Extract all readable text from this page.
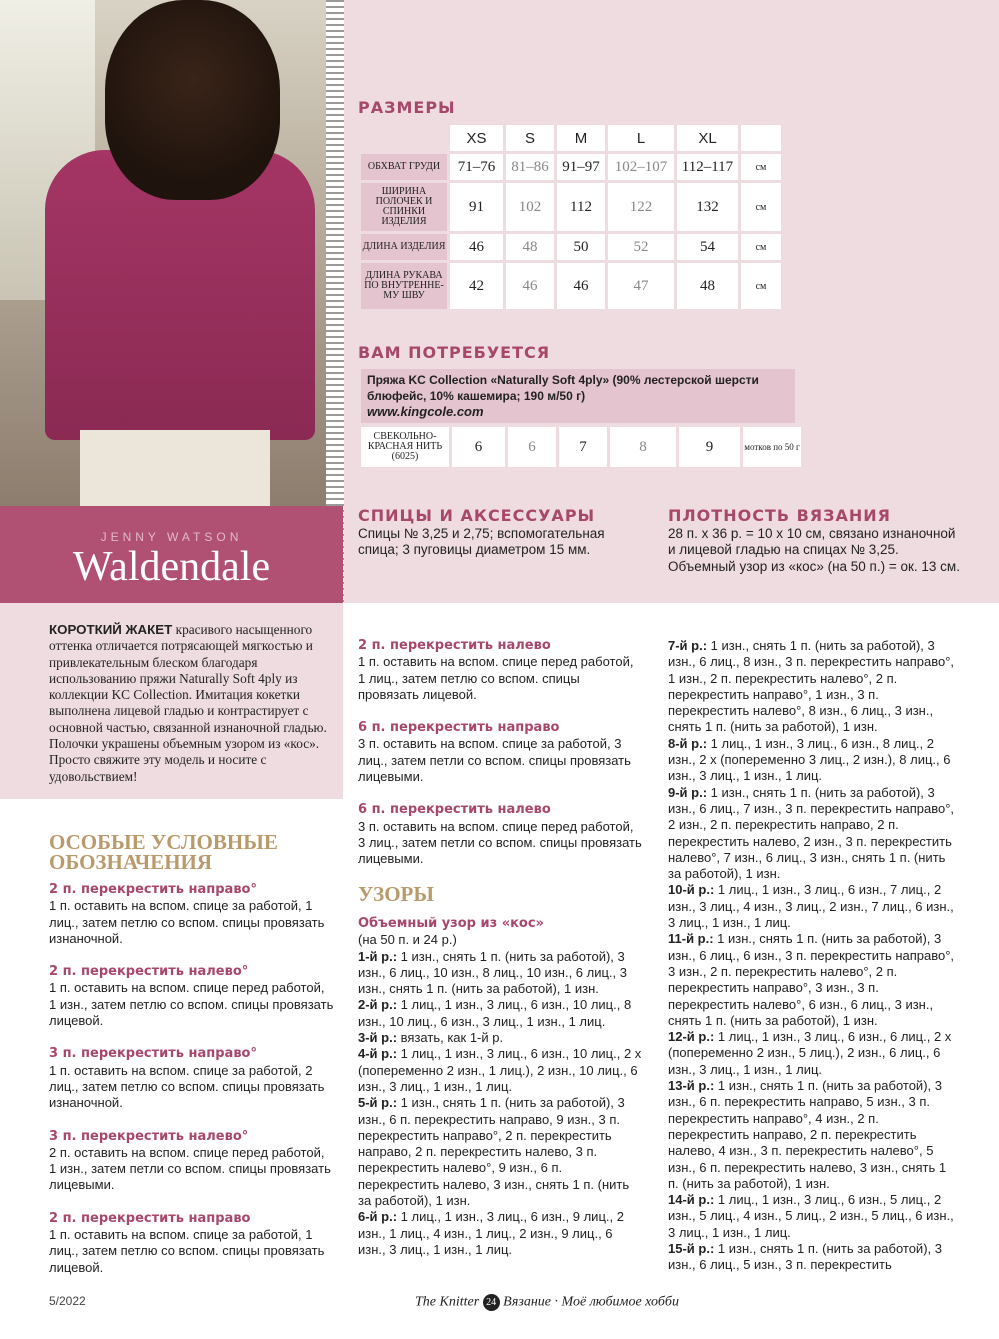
JENNY WATSON
Waldendale
КОРОТКИЙ ЖАКЕТ красивого насыщенного оттенка отличается потрясающей мягкостью и привлекательным блеском благодаря использованию пряжи Naturally Soft 4ply из коллекции KC Collection. Имитация кокетки выполнена лицевой гладью и контрастирует с основной частью, связанной изнаночной гладью. Полочки украшены объемным узором из «кос». Просто свяжите эту модель и носите с удовольствием!
РАЗМЕРЫ
	XS	S	M	L	XL	
ОБХВАТ ГРУДИ	71–76	81–86	91–97	102–107	112–117	см
ШИРИНА ПОЛОЧЕК И СПИНКИ ИЗДЕЛИЯ	91	102	112	122	132	см
ДЛИНА ИЗДЕЛИЯ	46	48	50	52	54	см
ДЛИНА РУКАВА ПО ВНУТРЕННЕ-МУ ШВУ	42	46	46	47	48	см
ВАМ ПОТРЕБУЕТСЯ
Пряжа KC Collection «Naturally Soft 4ply» (90% лестерской шерсти блюфейс, 10% кашемира; 190 м/50 г)
www.kingcole.com
СВЕКОЛЬНО-КРАСНАЯ НИТЬ (6025)	6	6	7	8	9	мотков по 50 г
СПИЦЫ И АКСЕССУАРЫ
Спицы № 3,25 и 2,75; вспомогательная спица; 3 пуговицы диаметром 15 мм.
ПЛОТНОСТЬ ВЯЗАНИЯ
28 п. х 36 р. = 10 х 10 см, связано изнаночной и лицевой гладью на спицах № 3,25. Объемный узор из «кос» (на 50 п.) = ок. 13 см.
ОСОБЫЕ УСЛОВНЫЕ ОБОЗНАЧЕНИЯ

2 п. перекрестить направо°

1 п. оставить на вспом. спице за работой, 1 лиц., затем петлю со вспом. спицы провязать изнаночной.

2 п. перекрестить налево°

1 п. оставить на вспом. спице перед работой, 1 изн., затем петлю со вспом. спицы провязать лицевой.

3 п. перекрестить направо°

1 п. оставить на вспом. спице за работой, 2 лиц., затем петлю со вспом. спицы провязать изнаночной.

3 п. перекрестить налево°

2 п. оставить на вспом. спице перед работой, 1 изн., затем петли со вспом. спицы провязать лицевыми.

2 п. перекрестить направо

1 п. оставить на вспом. спице за работой, 1 лиц., затем петлю со вспом. спицы провязать лицевой.

2 п. перекрестить налево

1 п. оставить на вспом. спице перед работой, 1 лиц., затем петлю со вспом. спицы провязать лицевой.

6 п. перекрестить направо

3 п. оставить на вспом. спице за работой, 3 лиц., затем петли со вспом. спицы провязать лицевыми.

6 п. перекрестить налево

3 п. оставить на вспом. спице перед работой, 3 лиц., затем петли со вспом. спицы провязать лицевыми.

УЗОРЫ

Объемный узор из «кос»

(на 50 п. и 24 р.)

1-й р.: 1 изн., снять 1 п. (нить за работой), 3 изн., 6 лиц., 10 изн., 8 лиц., 10 изн., 6 лиц., 3 изн., снять 1 п. (нить за работой), 1 изн.

2-й р.: 1 лиц., 1 изн., 3 лиц., 6 изн., 10 лиц., 8 изн., 10 лиц., 6 изн., 3 лиц., 1 изн., 1 лиц.

3-й р.: вязать, как 1-й р.

4-й р.: 1 лиц., 1 изн., 3 лиц., 6 изн., 10 лиц., 2 х (попеременно 2 изн., 1 лиц.), 2 изн., 10 лиц., 6 изн., 3 лиц., 1 изн., 1 лиц.

5-й р.: 1 изн., снять 1 п. (нить за работой), 3 изн., 6 п. перекрестить направо, 9 изн., 3 п. перекрестить направо°, 2 п. перекрестить направо, 2 п. перекрестить налево, 3 п. перекрестить налево°, 9 изн., 6 п. перекрестить налево, 3 изн., снять 1 п. (нить за работой), 1 изн.

6-й р.: 1 лиц., 1 изн., 3 лиц., 6 изн., 9 лиц., 2 изн., 1 лиц., 4 изн., 1 лиц., 2 изн., 9 лиц., 6 изн., 3 лиц., 1 изн., 1 лиц.

7-й р.: 1 изн., снять 1 п. (нить за работой), 3 изн., 6 лиц., 8 изн., 3 п. перекрестить направо°, 1 изн., 2 п. перекрестить налево°, 2 п. перекрестить направо°, 1 изн., 3 п. перекрестить налево°, 8 изн., 6 лиц., 3 изн., снять 1 п. (нить за работой), 1 изн.

8-й р.: 1 лиц., 1 изн., 3 лиц., 6 изн., 8 лиц., 2 изн., 2 х (попеременно 3 лиц., 2 изн.), 8 лиц., 6 изн., 3 лиц., 1 изн., 1 лиц.

9-й р.: 1 изн., снять 1 п. (нить за работой), 3 изн., 6 лиц., 7 изн., 3 п. перекрестить направо°, 2 изн., 2 п. перекрестить направо, 2 п. перекрестить налево, 2 изн., 3 п. перекрестить налево°, 7 изн., 6 лиц., 3 изн., снять 1 п. (нить за работой), 1 изн.

10-й р.: 1 лиц., 1 изн., 3 лиц., 6 изн., 7 лиц., 2 изн., 3 лиц., 4 изн., 3 лиц., 2 изн., 7 лиц., 6 изн., 3 лиц., 1 изн., 1 лиц.

11-й р.: 1 изн., снять 1 п. (нить за работой), 3 изн., 6 лиц., 6 изн., 3 п. перекрестить направо°, 3 изн., 2 п. перекрестить налево°, 2 п. перекрестить направо°, 3 изн., 3 п. перекрестить налево°, 6 изн., 6 лиц., 3 изн., снять 1 п. (нить за работой), 1 изн.

12-й р.: 1 лиц., 1 изн., 3 лиц., 6 изн., 6 лиц., 2 х (попеременно 2 изн., 5 лиц.), 2 изн., 6 лиц., 6 изн., 3 лиц., 1 изн., 1 лиц.

13-й р.: 1 изн., снять 1 п. (нить за работой), 3 изн., 6 п. перекрестить направо, 5 изн., 3 п. перекрестить направо°, 4 изн., 2 п. перекрестить направо, 2 п. перекрестить налево, 4 изн., 3 п. перекрестить налево°, 5 изн., 6 п. перекрестить налево, 3 изн., снять 1 п. (нить за работой), 1 изн.

14-й р.: 1 лиц., 1 изн., 3 лиц., 6 изн., 5 лиц., 2 изн., 5 лиц., 4 изн., 5 лиц., 2 изн., 5 лиц., 6 изн., 3 лиц., 1 изн., 1 лиц.

15-й р.: 1 изн., снять 1 п. (нить за работой), 3 изн., 6 лиц., 5 изн., 3 п. перекрестить

5/2022	The Knitter 24 Вязание · Моё любимое хобби
